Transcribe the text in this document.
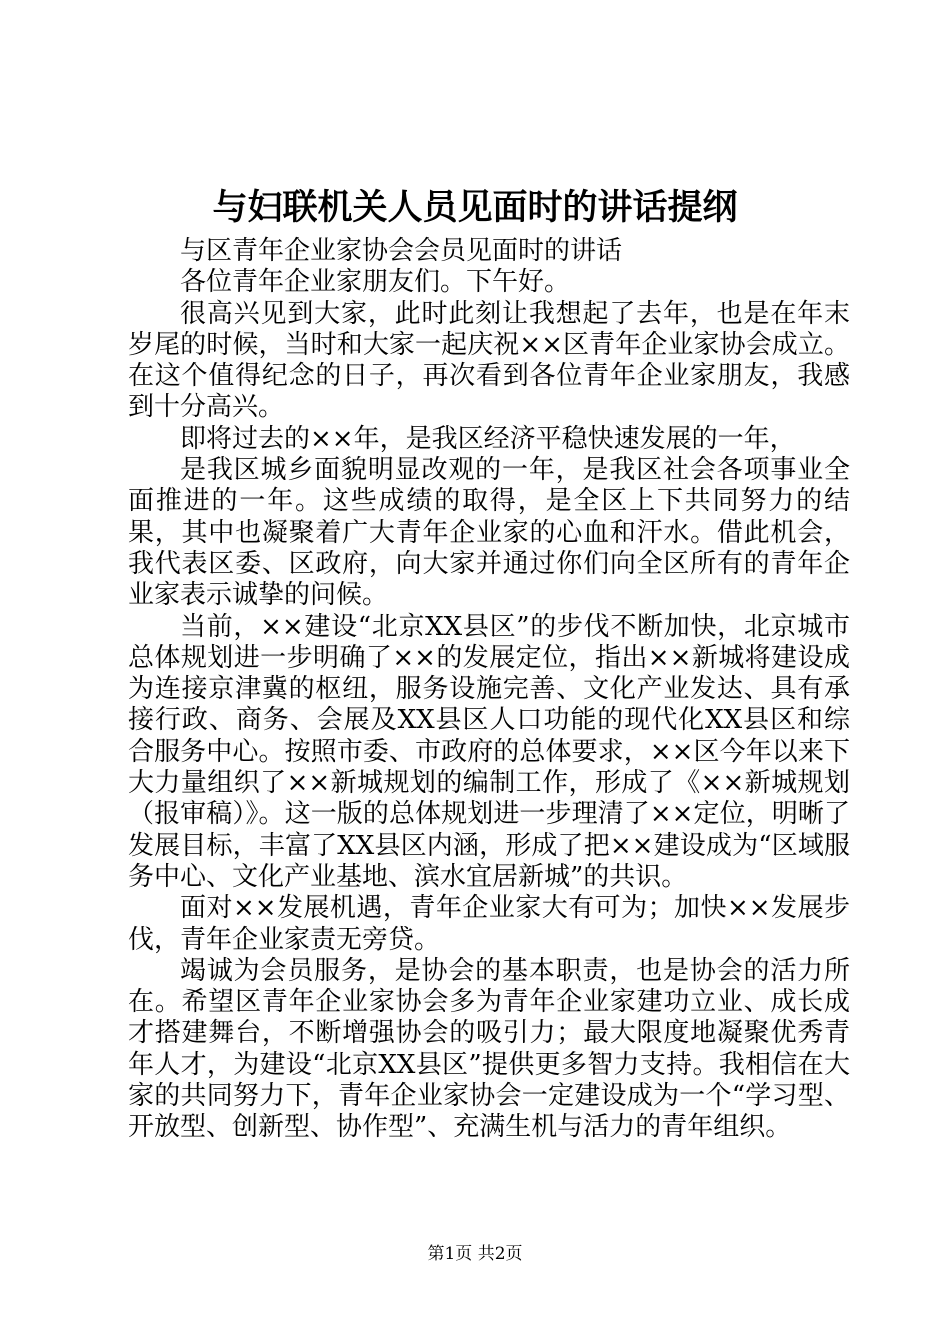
与妇联机关人员见面时的讲话提纲

与区青年企业家协会会员见面时的讲话

各位青年企业家朋友们。下午好。

很高兴见到大家，此时此刻让我想起了去年，也是在年末岁尾的时候，当时和大家一起庆祝××区青年企业家协会成立。在这个值得纪念的日子，再次看到各位青年企业家朋友，我感到十分高兴。

即将过去的××年，是我区经济平稳快速发展的一年，

是我区城乡面貌明显改观的一年，是我区社会各项事业全面推进的一年。这些成绩的取得，是全区上下共同努力的结果，其中也凝聚着广大青年企业家的心血和汗水。借此机会，我代表区委、区政府，向大家并通过你们向全区所有的青年企业家表示诚挚的问候。

当前，××建设“北京XX县区”的步伐不断加快，北京城市总体规划进一步明确了××的发展定位，指出××新城将建设成为连接京津冀的枢纽，服务设施完善、文化产业发达、具有承接行政、商务、会展及XX县区人口功能的现代化XX县区和综合服务中心。按照市委、市政府的总体要求，××区今年以来下大力量组织了××新城规划的编制工作，形成了《××新城规划（报审稿）》。这一版的总体规划进一步理清了××定位，明晰了发展目标，丰富了XX县区内涵，形成了把××建设成为“区域服务中心、文化产业基地、滨水宜居新城”的共识。

面对××发展机遇，青年企业家大有可为；加快××发展步伐，青年企业家责无旁贷。

竭诚为会员服务，是协会的基本职责，也是协会的活力所在。希望区青年企业家协会多为青年企业家建功立业、成长成才搭建舞台，不断增强协会的吸引力；最大限度地凝聚优秀青年人才，为建设“北京XX县区”提供更多智力支持。我相信在大家的共同努力下，青年企业家协会一定建设成为一个“学习型、开放型、创新型、协作型”、充满生机与活力的青年组织。

第1页 共2页
